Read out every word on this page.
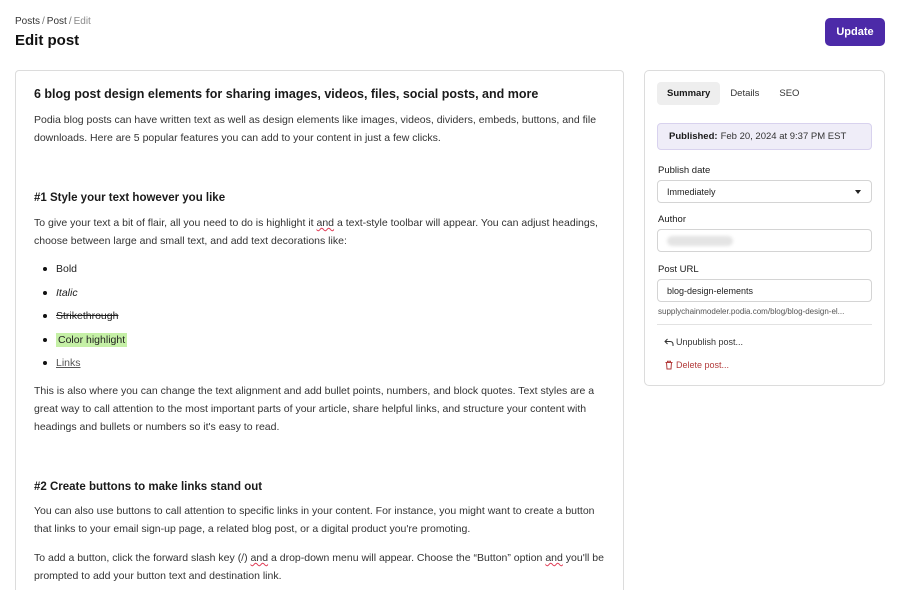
Posts / Post / Edit
Edit post	Update
6 blog post design elements for sharing images, videos, files, social posts, and more

Podia blog posts can have written text as well as design elements like images, videos, dividers, embeds, buttons, and file downloads. Here are 5 popular features you can add to your content in just a few clicks.

#1 Style your text however you like

To give your text a bit of flair, all you need to do is highlight it and a text-style toolbar will appear. You can adjust headings, choose between large and small text, and add text decorations like:

Bold
Italic
Strikethrough
Color highlight
Links

This is also where you can change the text alignment and add bullet points, numbers, and block quotes. Text styles are a great way to call attention to the most important parts of your article, share helpful links, and structure your content with headings and bullets or numbers so it's easy to read.

#2 Create buttons to make links stand out

You can also use buttons to call attention to specific links in your content. For instance, you might want to create a button that links to your email sign-up page, a related blog post, or a digital product you're promoting.

To add a button, click the forward slash key (/) and a drop-down menu will appear. Choose the “Button” option and you'll be prompted to add your button text and destination link.

Summary	Details	SEO
Published: Feb 20, 2024 at 9:37 PM EST
Publish date
Immediately
Author
Post URL
blog-design-elements
supplychainmodeler.podia.com/blog/blog-design-el...
Unpublish post...
Delete post...
